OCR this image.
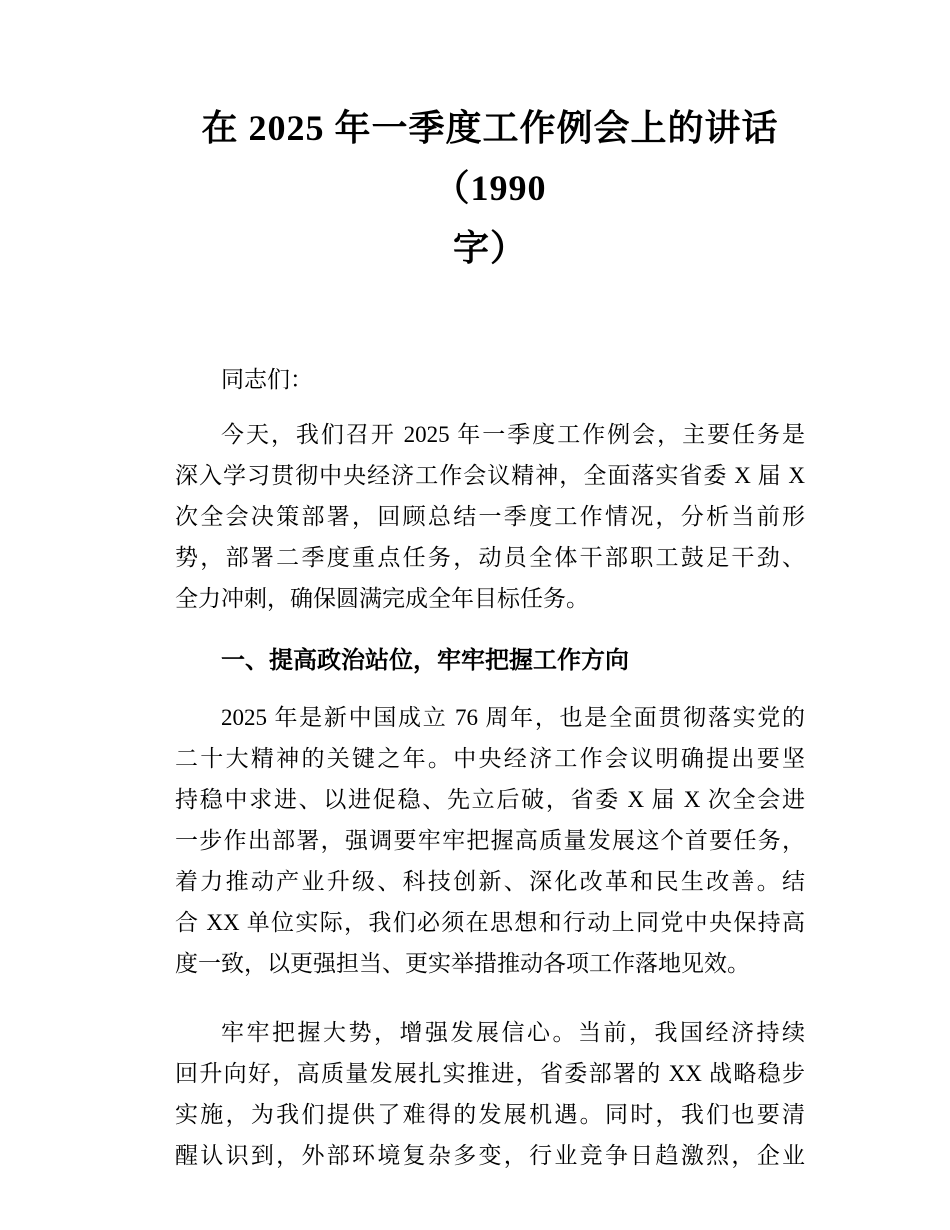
在 2025 年一季度工作例会上的讲话（1990
字）

同志们：

今天，我们召开 2025 年一季度工作例会，主要任务是

深入学习贯彻中央经济工作会议精神，全面落实省委 X 届 X

次全会决策部署，回顾总结一季度工作情况，分析当前形

势，部署二季度重点任务，动员全体干部职工鼓足干劲、

全力冲刺，确保圆满完成全年目标任务。

一、提高政治站位，牢牢把握工作方向

2025 年是新中国成立 76 周年，也是全面贯彻落实党的

二十大精神的关键之年。中央经济工作会议明确提出要坚

持稳中求进、以进促稳、先立后破，省委 X 届 X 次全会进

一步作出部署，强调要牢牢把握高质量发展这个首要任务，

着力推动产业升级、科技创新、深化改革和民生改善。结

合 XX 单位实际，我们必须在思想和行动上同党中央保持高

度一致，以更强担当、更实举措推动各项工作落地见效。

牢牢把握大势，增强发展信心。当前，我国经济持续

回升向好，高质量发展扎实推进，省委部署的 XX 战略稳步

实施，为我们提供了难得的发展机遇。同时，我们也要清

醒认识到，外部环境复杂多变，行业竞争日趋激烈，企业
